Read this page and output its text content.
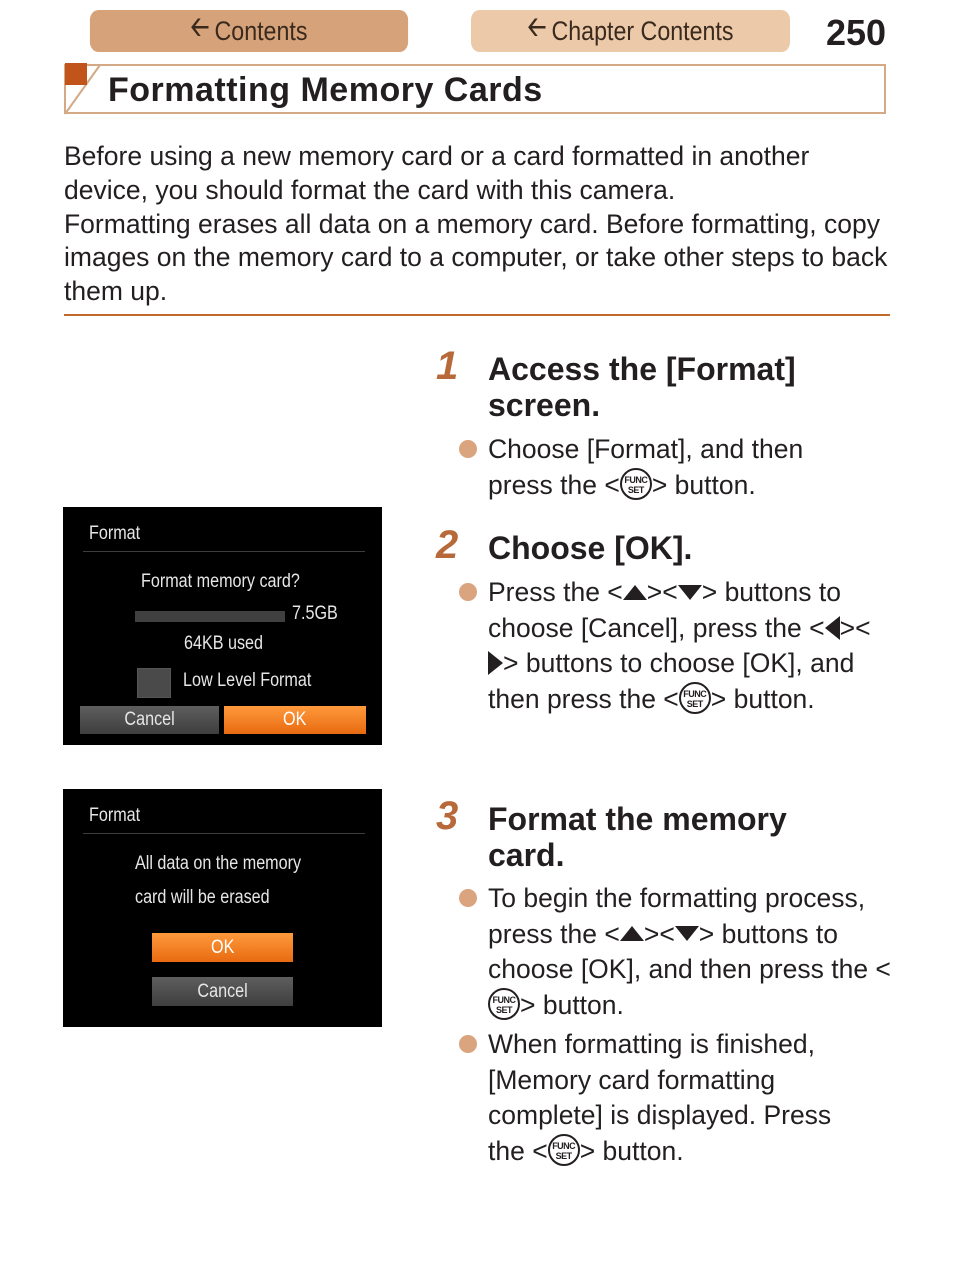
🡠 Contents	🡠 Chapter Contents	250
Formatting Memory Cards

Before using a new memory card or a card formatted in another device, you should format the card with this camera.

Formatting erases all data on a memory card. Before formatting, copy images on the memory card to a computer, or take other steps to back them up.

1 Access the [Format] screen.
Choose [Format], and then press the < FUNC
SET > button.
2 Choose [OK].
Press the < >< > buttons to choose [Cancel], press the < ><> buttons to choose [OK], and then press the < FUNC
SET > button.
3 Format the memory card.
To begin the formatting process, press the < >< > buttons to choose [OK], and then press the <
FUNC
SET > button.
When formatting is finished, [Memory card formatting complete] is displayed. Press the < FUNC
SET > button.
Format
Format memory card?
7.5GB
64KB used
Low Level Format
Cancel	OK
Format
All data on the memory
card will be erased
OK
Cancel
